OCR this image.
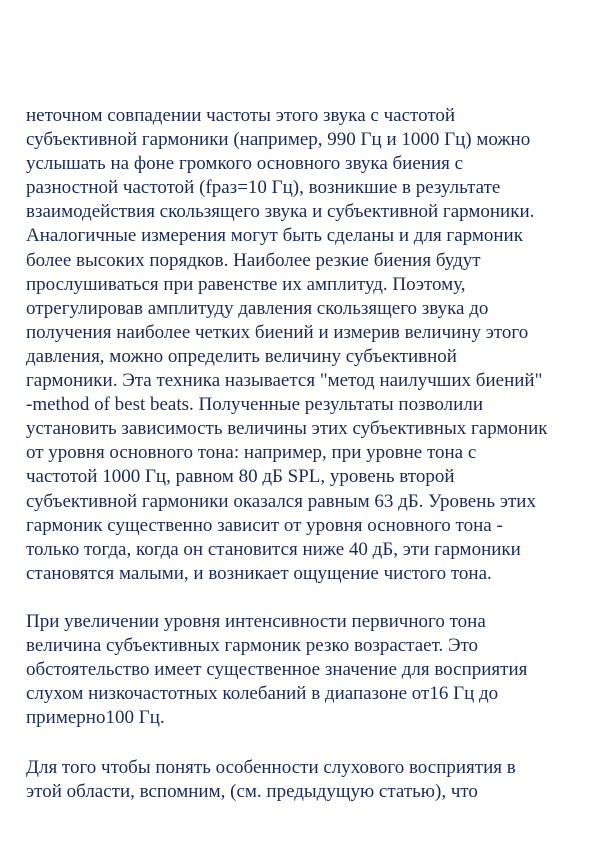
неточном совпадении частоты этого звука с частотой
субъективной гармоники (например, 990 Гц и 1000 Гц) можно
услышать на фоне громкого основного звука биения с
разностной частотой (fраз=10 Гц), возникшие в результате
взаимодействия скользящего звука и субъективной гармоники.
Аналогичные измерения могут быть сделаны и для гармоник
более высоких порядков. Наиболее резкие биения будут
прослушиваться при равенстве их амплитуд. Поэтому,
отрегулировав амплитуду давления скользящего звука до
получения наиболее четких биений и измерив величину этого
давления, можно определить величину субъективной
гармоники. Эта техника называется "метод наилучших биений"
-method of best beats. Полученные результаты позволили
установить зависимость величины этих субъективных гармоник
от уровня основного тона: например, при уровне тона с
частотой 1000 Гц, равном 80 дБ SPL, уровень второй
субъективной гармоники оказался равным 63 дБ. Уровень этих
гармоник существенно зависит от уровня основного тона -
только тогда, когда он становится ниже 40 дБ, эти гармоники
становятся малыми, и возникает ощущение чистого тона.
При увеличении уровня интенсивности первичного тона
величина субъективных гармоник резко возрастает. Это
обстоятельство имеет существенное значение для восприятия
слухом низкочастотных колебаний в диапазоне от16 Гц до
примерно100 Гц.
Для того чтобы понять особенности слухового восприятия в
этой области, вспомним, (см. предыдущую статью), что
